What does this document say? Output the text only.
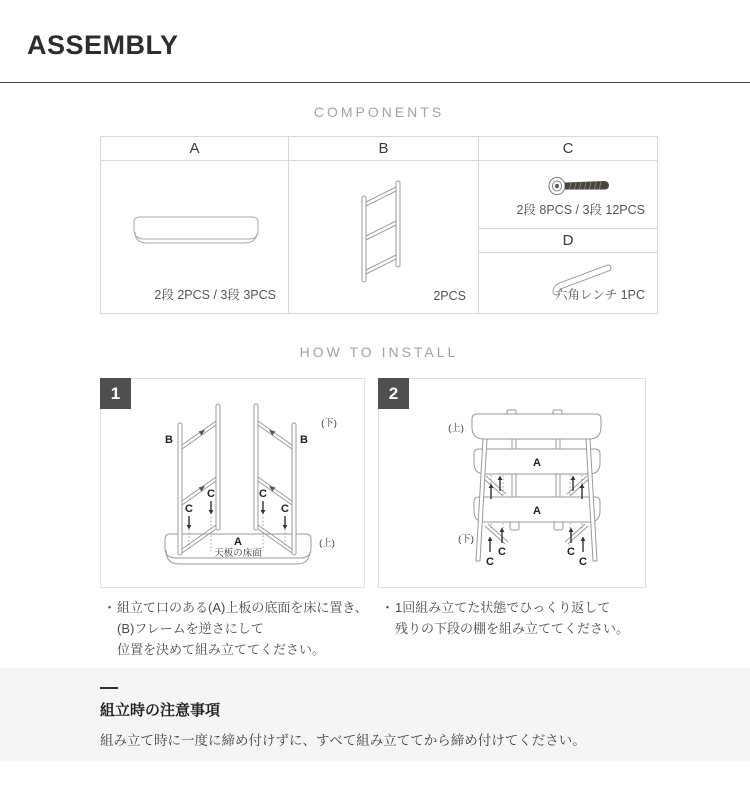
ASSEMBLY
COMPONENTS
A	B	C
2段 2PCS / 3段 3PCS	2PCS
2段 8PCS / 3段 12PCS
D
六角レンチ 1PC
HOW TO INSTALL
1
B	B
C
C	C
C
A
天板の床面
(下)
(上)
2
A
A
C
C	C
C
(上)
(下)
・ 組立て口のある(A)上板の底面を床に置き、
(B)フレームを逆さにして
位置を決めて組み立ててください。
・ 1回組み立てた状態でひっくり返して
残りの下段の棚を組み立ててください。
組立時の注意事項
組み立て時に一度に締め付けずに、すべて組み立ててから締め付けてください。
